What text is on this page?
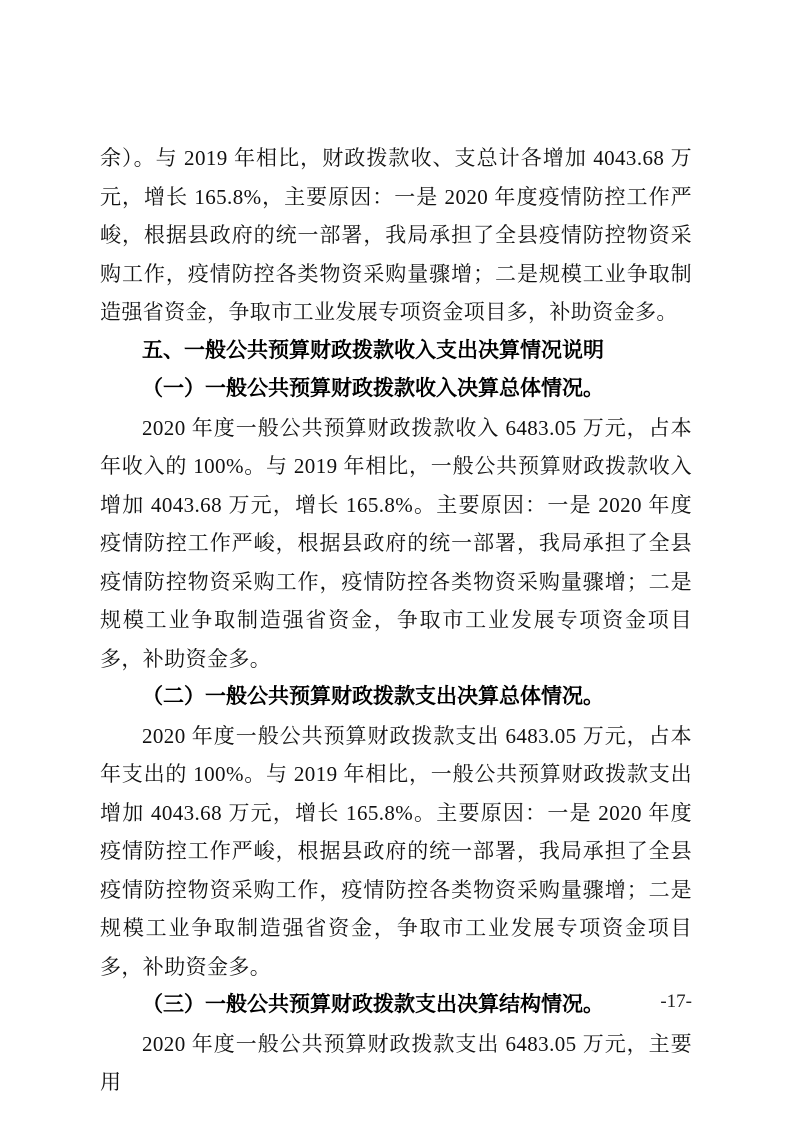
余）。与 2019 年相比，财政拨款收、支总计各增加 4043.68 万元，增长 165.8%，主要原因：一是 2020 年度疫情防控工作严峻，根据县政府的统一部署，我局承担了全县疫情防控物资采购工作，疫情防控各类物资采购量骤增；二是规模工业争取制造强省资金，争取市工业发展专项资金项目多，补助资金多。

五、一般公共预算财政拨款收入支出决算情况说明

（一）一般公共预算财政拨款收入决算总体情况。

2020 年度一般公共预算财政拨款收入 6483.05 万元，占本年收入的 100%。与 2019 年相比，一般公共预算财政拨款收入增加 4043.68 万元，增长 165.8%。主要原因：一是 2020 年度疫情防控工作严峻，根据县政府的统一部署，我局承担了全县疫情防控物资采购工作，疫情防控各类物资采购量骤增；二是规模工业争取制造强省资金，争取市工业发展专项资金项目多，补助资金多。

（二）一般公共预算财政拨款支出决算总体情况。

2020 年度一般公共预算财政拨款支出 6483.05 万元，占本年支出的 100%。与 2019 年相比，一般公共预算财政拨款支出增加 4043.68 万元，增长 165.8%。主要原因：一是 2020 年度疫情防控工作严峻，根据县政府的统一部署，我局承担了全县疫情防控物资采购工作，疫情防控各类物资采购量骤增；二是规模工业争取制造强省资金，争取市工业发展专项资金项目多，补助资金多。

（三）一般公共预算财政拨款支出决算结构情况。

2020 年度一般公共预算财政拨款支出 6483.05 万元，主要用

-17-
